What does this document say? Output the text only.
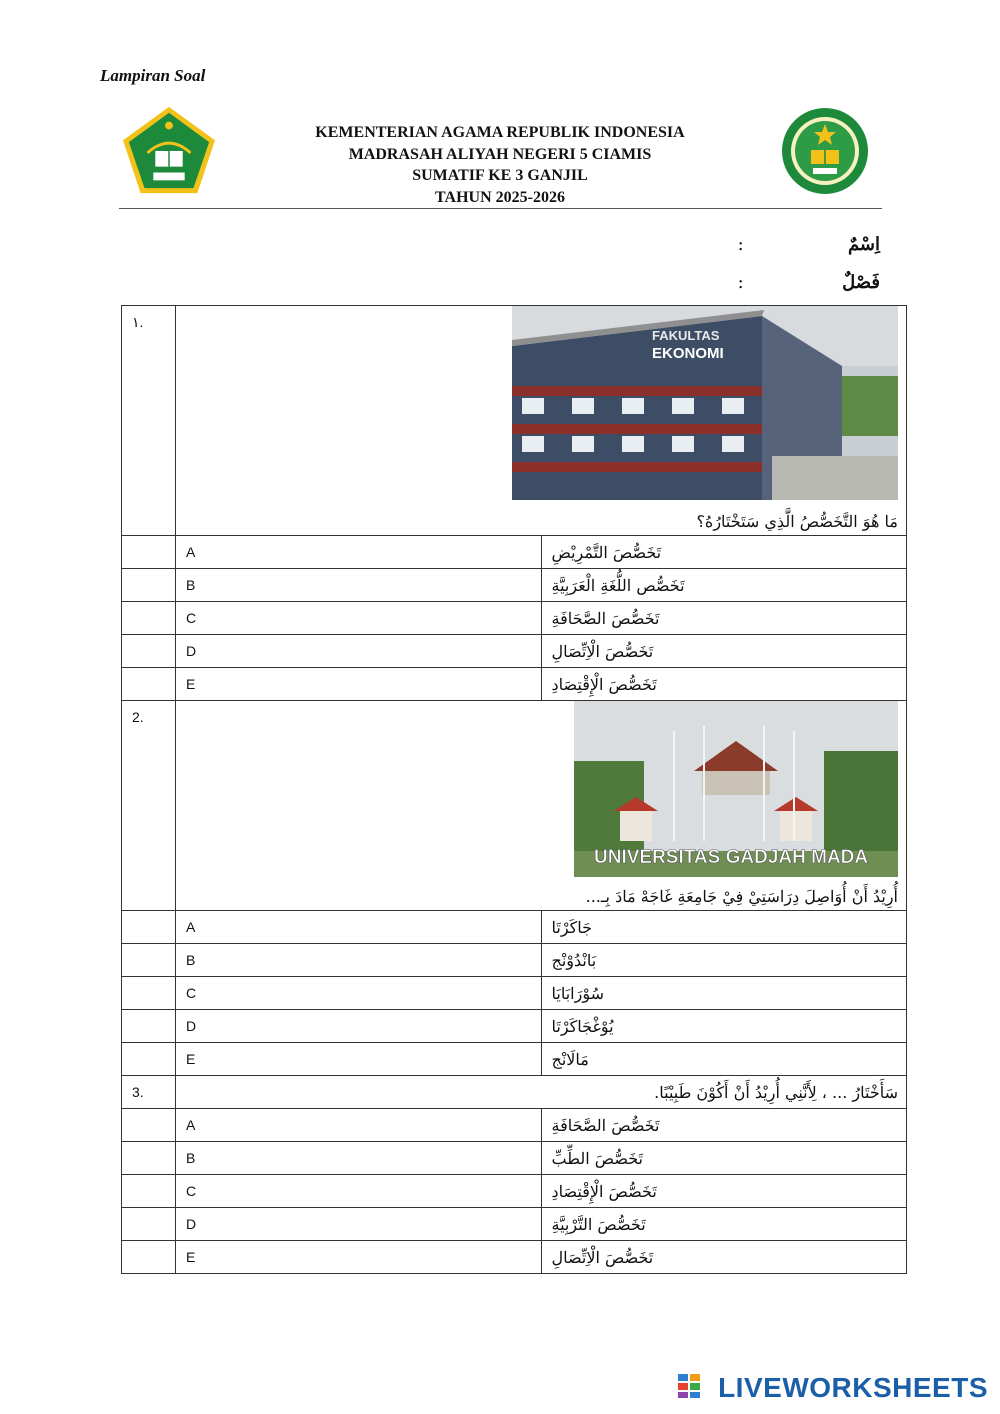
Lampiran Soal
KEMENTERIAN AGAMA REPUBLIK INDONESIA
MADRASAH ALIYAH NEGERI 5 CIAMIS
SUMATIF KE 3 GANJIL
TAHUN 2025-2026
اِسْمٌ :
فَصْلٌ :
١.	FAKULTAS
EKONOMI
مَا هُوَ التَّخَصُّصُ الَّذِي سَتَخْتَارُهُ؟	

	A	تَخَصُّصَ التَّمْرِيْضِ
	B	تَخَصُّص اللُّغَةِ الْعَرَبِيَّةِ
	C	تَخَصُّصَ الصَّحَافَةِ
	D	تَخَصُّصَ الْاِتِّصَالِ
	E	تَخَصُّصَ الْإِقْتِصَادِ
2.	UNIVERSITAS GADJAH MADA
أُرِيْدُ أَنْ أُوَاصِلَ دِرَاسَتِيْ فِيْ جَامِعَةِ غَاجَهْ مَادَ بِـ...	

	A	جَاكَرْتَا
	B	بَانْدُوْنْج
	C	سُوْرَابَايَا
	D	يُوْغْجَاكَرْتَا
	E	مَالَانْج
3.	سَأَخْتَارُ ... ، لِأَنَّنِي أُرِيْدُ أَنْ أَكُوْنَ طَبِيْبًا.	

	A	تَخَصُّصَ الصَّحَافَةِ
	B	تَخَصُّصَ الطِّبِّ
	C	تَخَصُّصَ الْإِقْتِصَادِ
	D	تَخَصُّصَ التَّرْبِيَّةِ
	E	تَخَصُّصَ الْاِتِّصَالِ
LIVEWORKSHEETS
